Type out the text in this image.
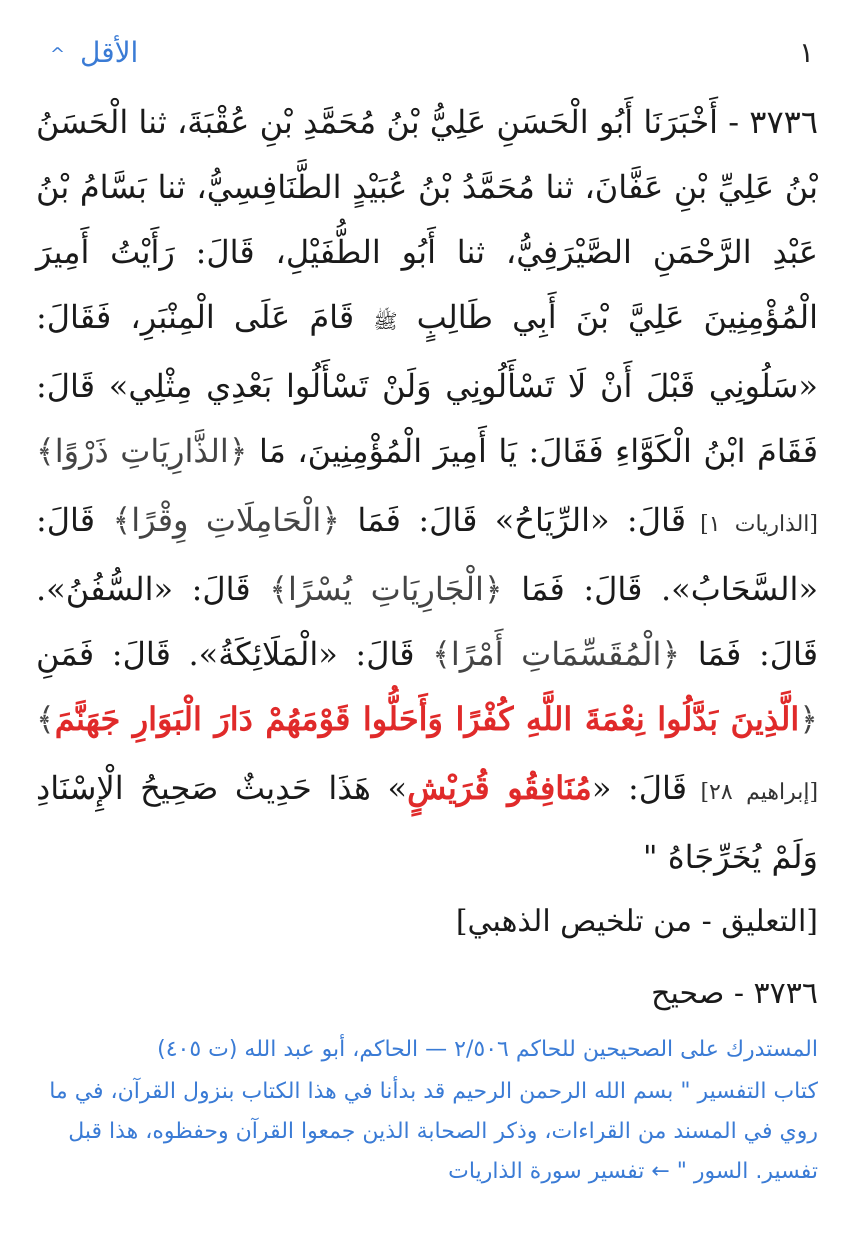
^ الأقل	١
٣٧٣٦ - أَخْبَرَنَا أَبُو الْحَسَنِ عَلِيُّ بْنُ مُحَمَّدِ بْنِ عُقْبَةَ، ثنا الْحَسَنُ بْنُ عَلِيِّ بْنِ عَفَّانَ، ثنا مُحَمَّدُ بْنُ عُبَيْدٍ الطَّنَافِسِيُّ، ثنا بَسَّامُ بْنُ عَبْدِ الرَّحْمَنِ الصَّيْرَفِيُّ، ثنا أَبُو الطُّفَيْلِ، قَالَ: رَأَيْتُ أَمِيرَ الْمُؤْمِنِينَ عَلِيَّ بْنَ أَبِي طَالِبٍ ﷺ قَامَ عَلَى الْمِنْبَرِ، فَقَالَ: «سَلُونِي قَبْلَ أَنْ لَا تَسْأَلُونِي وَلَنْ تَسْأَلُوا بَعْدِي مِثْلِي» قَالَ: فَقَامَ ابْنُ الْكَوَّاءِ فَقَالَ: يَا أَمِيرَ الْمُؤْمِنِينَ، مَا ﴿الذَّارِيَاتِ ذَرْوًا﴾ [الذاريات ١] قَالَ: «الرِّيَاحُ» قَالَ: فَمَا ﴿الْحَامِلَاتِ وِقْرًا﴾ قَالَ: «السَّحَابُ». قَالَ: فَمَا ﴿الْجَارِيَاتِ يُسْرًا﴾ قَالَ: «السُّفُنُ». قَالَ: فَمَا ﴿الْمُقَسِّمَاتِ أَمْرًا﴾ قَالَ: «الْمَلَائِكَةُ». قَالَ: فَمَنِ ﴿الَّذِينَ بَدَّلُوا نِعْمَةَ اللَّهِ كُفْرًا وَأَحَلُّوا قَوْمَهُمْ دَارَ الْبَوَارِ جَهَنَّمَ﴾ [إبراهيم ٢٨] قَالَ: «مُنَافِقُو قُرَيْشٍ» هَذَا حَدِيثٌ صَحِيحُ الْإِسْنَادِ وَلَمْ يُخَرِّجَاهُ "
[التعليق - من تلخيص الذهبي]
٣٧٣٦ - صحيح
المستدرك على الصحيحين للحاكم ٢/٥٠٦ — الحاكم، أبو عبد الله (ت ٤٠٥)
كتاب التفسير " بسم الله الرحمن الرحيم قد بدأنا في هذا الكتاب بنزول القرآن، في ما روي في المسند من القراءات، وذكر الصحابة الذين جمعوا القرآن وحفظوه، هذا قبل تفسير. السور " ← تفسير سورة الذاريات
